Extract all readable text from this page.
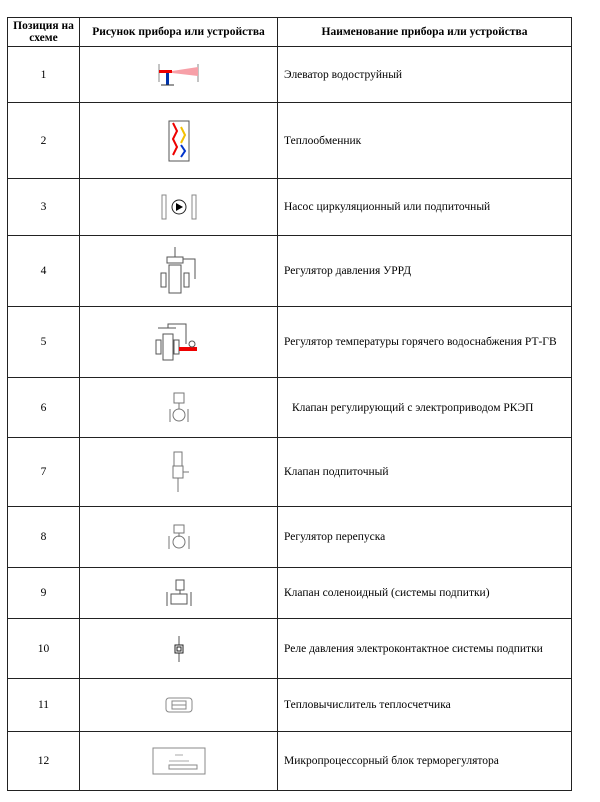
Позиция на схеме	Рисунок прибора или устройства	Наименование прибора или устройства
1		Элеватор водоструйный
2		Теплообменник
3		Насос циркуляционный или подпиточный
4		Регулятор давления УРРД
5		Регулятор температуры горячего водоснабжения РТ-ГВ
6		Клапан регулирующий с электроприводом РКЭП
7		Клапан подпиточный
8		Регулятор перепуска
9		Клапан соленоидный (системы подпитки)
10		Реле давления электроконтактное системы подпитки
11		Тепловычислитель теплосчетчика
12		Микропроцессорный блок терморегулятора
